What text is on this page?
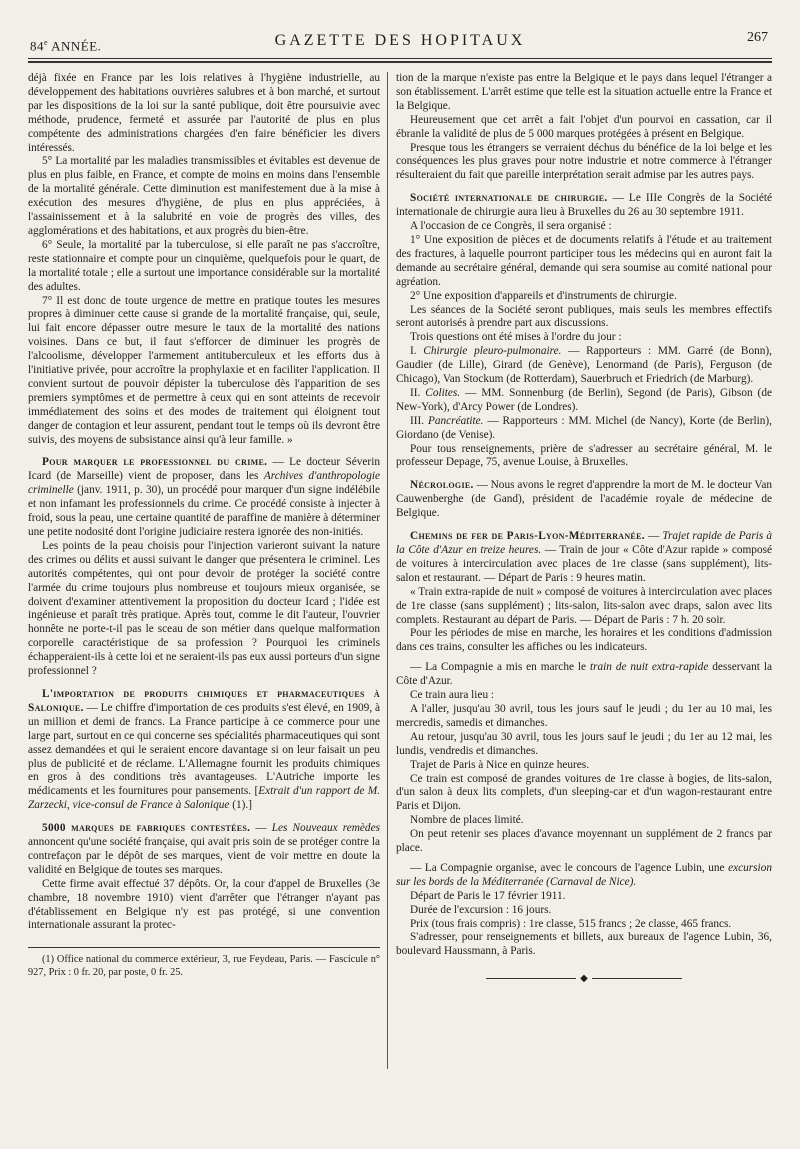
84e ANNÉE.	GAZETTE DES HOPITAUX	267

déjà fixée en France par les lois relatives à l'hygiène industrielle, au développement des habitations ouvrières salubres et à bon marché, et surtout par les dispositions de la loi sur la santé publique, doit être poursuivie avec méthode, prudence, fermeté et assurée par l'autorité de plus en plus compétente des administrations chargées d'en faire bénéficier les divers intéressés.

5° La mortalité par les maladies transmissibles et évitables est devenue de plus en plus faible, en France, et compte de moins en moins dans l'ensemble de la mortalité générale. Cette diminution est manifestement due à la mise à exécution des mesures d'hygiène, de plus en plus appréciées, à l'assainissement et à la salubrité en voie de progrès des villes, des agglomérations et des habitations, et aux progrès du bien-être.

6° Seule, la mortalité par la tuberculose, si elle paraît ne pas s'accroître, reste stationnaire et compte pour un cinquième, quelquefois pour le quart, de la mortalité totale ; elle a surtout une importance considérable sur la mortalité des adultes.

7° Il est donc de toute urgence de mettre en pratique toutes les mesures propres à diminuer cette cause si grande de la mortalité française, qui, seule, lui fait encore dépasser outre mesure le taux de la mortalité des nations voisines. Dans ce but, il faut s'efforcer de diminuer les progrès de l'alcoolisme, développer l'armement antituberculeux et les efforts dus à l'initiative privée, pour accroître la prophylaxie et en faciliter l'application. Il convient surtout de pouvoir dépister la tuberculose dès l'apparition de ses premiers symptômes et de permettre à ceux qui en sont atteints de recevoir immédiatement des soins et des modes de traitement qui éloignent tout danger de contagion et leur assurent, pendant tout le temps où ils devront être suivis, des moyens de subsistance ainsi qu'à leur famille. »

Pour marquer le professionnel du crime. — Le docteur Séverin Icard (de Marseille) vient de proposer, dans les Archives d'anthropologie criminelle (janv. 1911, p. 30), un procédé pour marquer d'un signe indélébile et non infamant les professionnels du crime. Ce procédé consiste à injecter à froid, sous la peau, une certaine quantité de paraffine de manière à déterminer une petite nodosité dont l'origine judiciaire restera ignorée des non-initiés.

Les points de la peau choisis pour l'injection varieront suivant la nature des crimes ou délits et aussi suivant le danger que présentera le criminel. Les autorités compétentes, qui ont pour devoir de protéger la société contre l'armée du crime toujours plus nombreuse et toujours mieux organisée, se doivent d'examiner attentivement la proposition du docteur Icard ; l'idée est ingénieuse et paraît très pratique. Après tout, comme le dit l'auteur, l'ouvrier honnête ne porte-t-il pas le sceau de son métier dans quelque malformation corporelle caractéristique de sa profession ? Pourquoi les criminels échapperaient-ils à cette loi et ne seraient-ils pas eux aussi porteurs d'un signe professionnel ?

L'importation de produits chimiques et pharmaceutiques à Salonique. — Le chiffre d'importation de ces produits s'est élevé, en 1909, à un million et demi de francs. La France participe à ce commerce pour une large part, surtout en ce qui concerne ses spécialités pharmaceutiques qui sont assez demandées et qui le seraient encore davantage si on leur faisait un peu plus de publicité et de réclame. L'Allemagne fournit les produits chimiques en gros à des conditions très avantageuses. L'Autriche importe les médicaments et les fournitures pour pansements. [Extrait d'un rapport de M. Zarzecki, vice-consul de France à Salonique (1).]

5000 marques de fabriques contestées. — Les Nouveaux remèdes annoncent qu'une société française, qui avait pris soin de se protéger contre la contrefaçon par le dépôt de ses marques, vient de voir mettre en doute la validité en Belgique de toutes ses marques.

Cette firme avait effectué 37 dépôts. Or, la cour d'appel de Bruxelles (3e chambre, 18 novembre 1910) vient d'arrêter que l'étranger n'ayant pas d'établissement en Belgique n'y est pas protégé, si une convention internationale assurant la protec-

(1) Office national du commerce extérieur, 3, rue Feydeau, Paris. — Fascicule n° 927, Prix : 0 fr. 20, par poste, 0 fr. 25.

tion de la marque n'existe pas entre la Belgique et le pays dans lequel l'étranger a son établissement. L'arrêt estime que telle est la situation actuelle entre la France et la Belgique.

Heureusement que cet arrêt a fait l'objet d'un pourvoi en cassation, car il ébranle la validité de plus de 5 000 marques protégées à présent en Belgique.

Presque tous les étrangers se verraient déchus du bénéfice de la loi belge et les conséquences les plus graves pour notre industrie et notre commerce à l'étranger résulteraient du fait que pareille interprétation serait admise par les autres pays.

Société internationale de chirurgie. — Le IIIe Congrès de la Société internationale de chirurgie aura lieu à Bruxelles du 26 au 30 septembre 1911.

A l'occasion de ce Congrès, il sera organisé :

1° Une exposition de pièces et de documents relatifs à l'étude et au traitement des fractures, à laquelle pourront participer tous les médecins qui en auront fait la demande au secrétaire général, demande qui sera soumise au comité national pour agréation.

2° Une exposition d'appareils et d'instruments de chirurgie.

Les séances de la Société seront publiques, mais seuls les membres effectifs seront autorisés à prendre part aux discussions.

Trois questions ont été mises à l'ordre du jour :

I. Chirurgie pleuro-pulmonaire. — Rapporteurs : MM. Garré (de Bonn), Gaudier (de Lille), Girard (de Genève), Lenormand (de Paris), Ferguson (de Chicago), Van Stockum (de Rotterdam), Sauerbruch et Friedrich (de Marburg).

II. Colites. — MM. Sonnenburg (de Berlin), Segond (de Paris), Gibson (de New-York), d'Arcy Power (de Londres).

III. Pancréatite. — Rapporteurs : MM. Michel (de Nancy), Korte (de Berlin), Giordano (de Venise).

Pour tous renseignements, prière de s'adresser au secrétaire général, M. le professeur Depage, 75, avenue Louise, à Bruxelles.

Nécrologie. — Nous avons le regret d'apprendre la mort de M. le docteur Van Cauwenberghe (de Gand), président de l'académie royale de médecine de Belgique.

Chemins de fer de Paris-Lyon-Méditerranée. — Trajet rapide de Paris à la Côte d'Azur en treize heures. — Train de jour « Côte d'Azur rapide » composé de voitures à intercirculation avec places de 1re classe (sans supplément), lits-salon et restaurant. — Départ de Paris : 9 heures matin.

« Train extra-rapide de nuit » composé de voitures à intercirculation avec places de 1re classe (sans supplément) ; lits-salon, lits-salon avec draps, salon avec lits complets. Restaurant au départ de Paris. — Départ de Paris : 7 h. 20 soir.

Pour les périodes de mise en marche, les horaires et les conditions d'admission dans ces trains, consulter les affiches ou les indicateurs.

— La Compagnie a mis en marche le train de nuit extra-rapide desservant la Côte d'Azur.

Ce train aura lieu :

A l'aller, jusqu'au 30 avril, tous les jours sauf le jeudi ; du 1er au 10 mai, les mercredis, samedis et dimanches.

Au retour, jusqu'au 30 avril, tous les jours sauf le jeudi ; du 1er au 12 mai, les lundis, vendredis et dimanches.

Trajet de Paris à Nice en quinze heures.

Ce train est composé de grandes voitures de 1re classe à bogies, de lits-salon, d'un salon à deux lits complets, d'un sleeping-car et d'un wagon-restaurant entre Paris et Dijon.

Nombre de places limité.

On peut retenir ses places d'avance moyennant un supplément de 2 francs par place.

— La Compagnie organise, avec le concours de l'agence Lubin, une excursion sur les bords de la Méditerranée (Carnaval de Nice).

Départ de Paris le 17 février 1911.

Durée de l'excursion : 16 jours.

Prix (tous frais compris) : 1re classe, 515 francs ; 2e classe, 465 francs.

S'adresser, pour renseignements et billets, aux bureaux de l'agence Lubin, 36, boulevard Haussmann, à Paris.

◆
